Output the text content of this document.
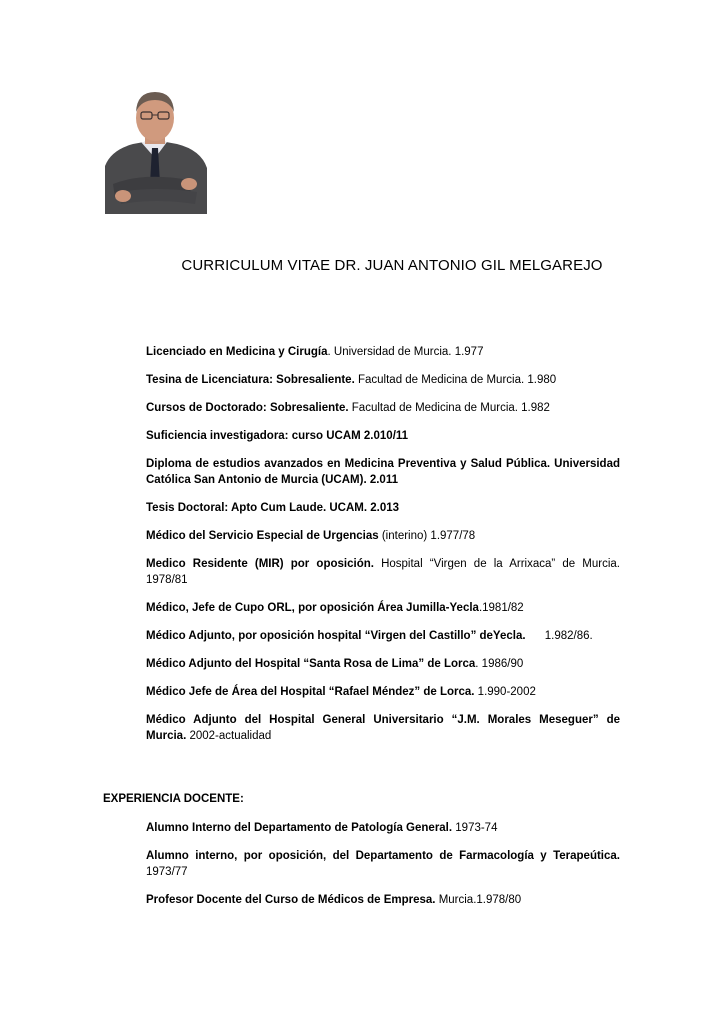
CURRICULUM VITAE DR. JUAN ANTONIO GIL MELGAREJO

Licenciado en Medicina y Cirugía. Universidad de Murcia. 1.977

Tesina de Licenciatura: Sobresaliente. Facultad de Medicina de Murcia. 1.980

Cursos de Doctorado: Sobresaliente. Facultad de Medicina de Murcia. 1.982

Suficiencia investigadora: curso UCAM 2.010/11

Diploma de estudios avanzados en Medicina Preventiva y Salud Pública. Universidad Católica San Antonio de Murcia (UCAM). 2.011

Tesis Doctoral: Apto Cum Laude. UCAM. 2.013

Médico del Servicio Especial de Urgencias (interino) 1.977/78

Medico Residente (MIR) por oposición. Hospital “Virgen de la Arrixaca” de Murcia. 1978/81

Médico, Jefe de Cupo ORL, por oposición Área Jumilla-Yecla.1981/82

Médico Adjunto, por oposición hospital “Virgen del Castillo” deYecla.      1.982/86.

Médico Adjunto del Hospital “Santa Rosa de Lima” de Lorca. 1986/90

Médico Jefe de Área del Hospital “Rafael Méndez” de Lorca. 1.990-2002

Médico Adjunto del Hospital General Universitario “J.M. Morales Meseguer” de Murcia. 2002-actualidad

EXPERIENCIA DOCENTE:

Alumno Interno del Departamento de Patología General. 1973-74

Alumno interno, por oposición, del Departamento de Farmacología y Terapeútica. 1973/77

Profesor Docente del Curso de Médicos de Empresa. Murcia.1.978/80
